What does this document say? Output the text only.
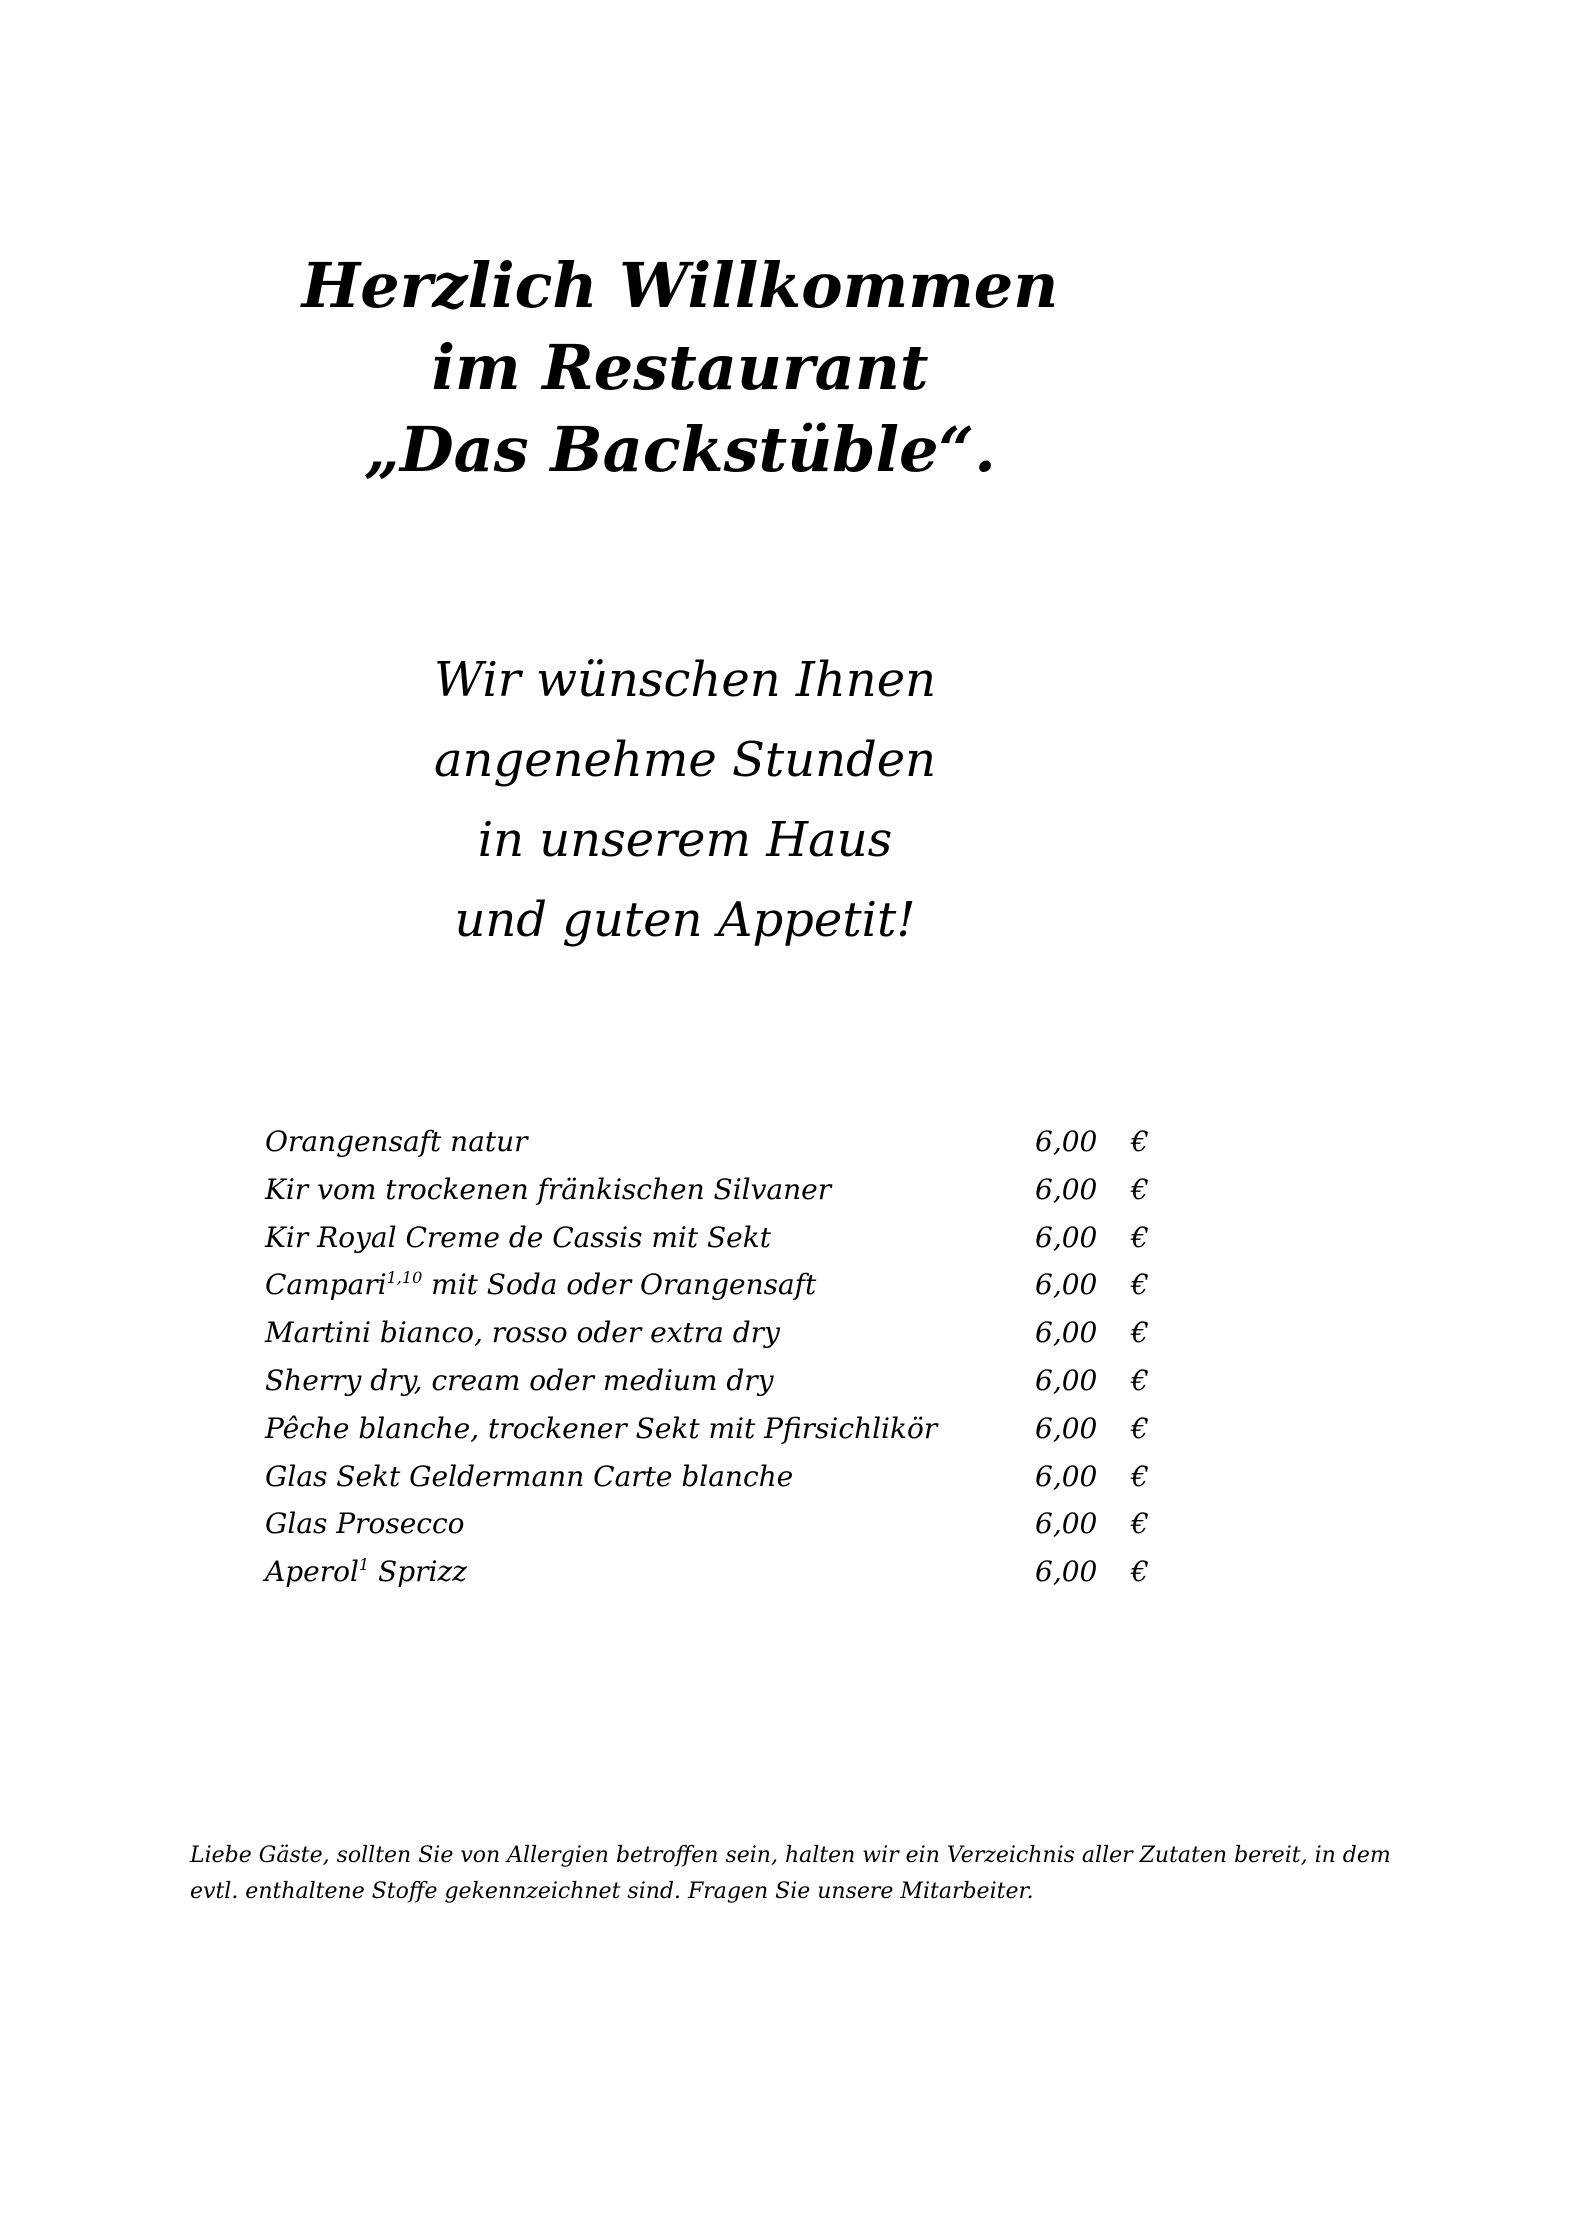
Herzlich Willkommen
im Restaurant
„Das Backstüble“.
Wir wünschen Ihnen
angenehme Stunden
in unserem Haus
und guten Appetit!
Orangensaft natur	6,00 €
Kir vom trockenen fränkischen Silvaner	6,00 €
Kir Royal Creme de Cassis mit Sekt	6,00 €
Campari$^{1,10}$ mit Soda oder Orangensaft	6,00 €
Martini bianco, rosso oder extra dry	6,00 €
Sherry dry, cream oder medium dry	6,00 €
Pêche blanche, trockener Sekt mit Pfirsichlikör	6,00 €
Glas Sekt Geldermann Carte blanche	6,00 €
Glas Prosecco	6,00 €
Aperol$^1$ Sprizz	6,00 €
Liebe Gäste, sollten Sie von Allergien betroffen sein, halten wir ein Verzeichnis aller Zutaten bereit, in dem
evtl. enthaltene Stoffe gekennzeichnet sind. Fragen Sie unsere Mitarbeiter.
